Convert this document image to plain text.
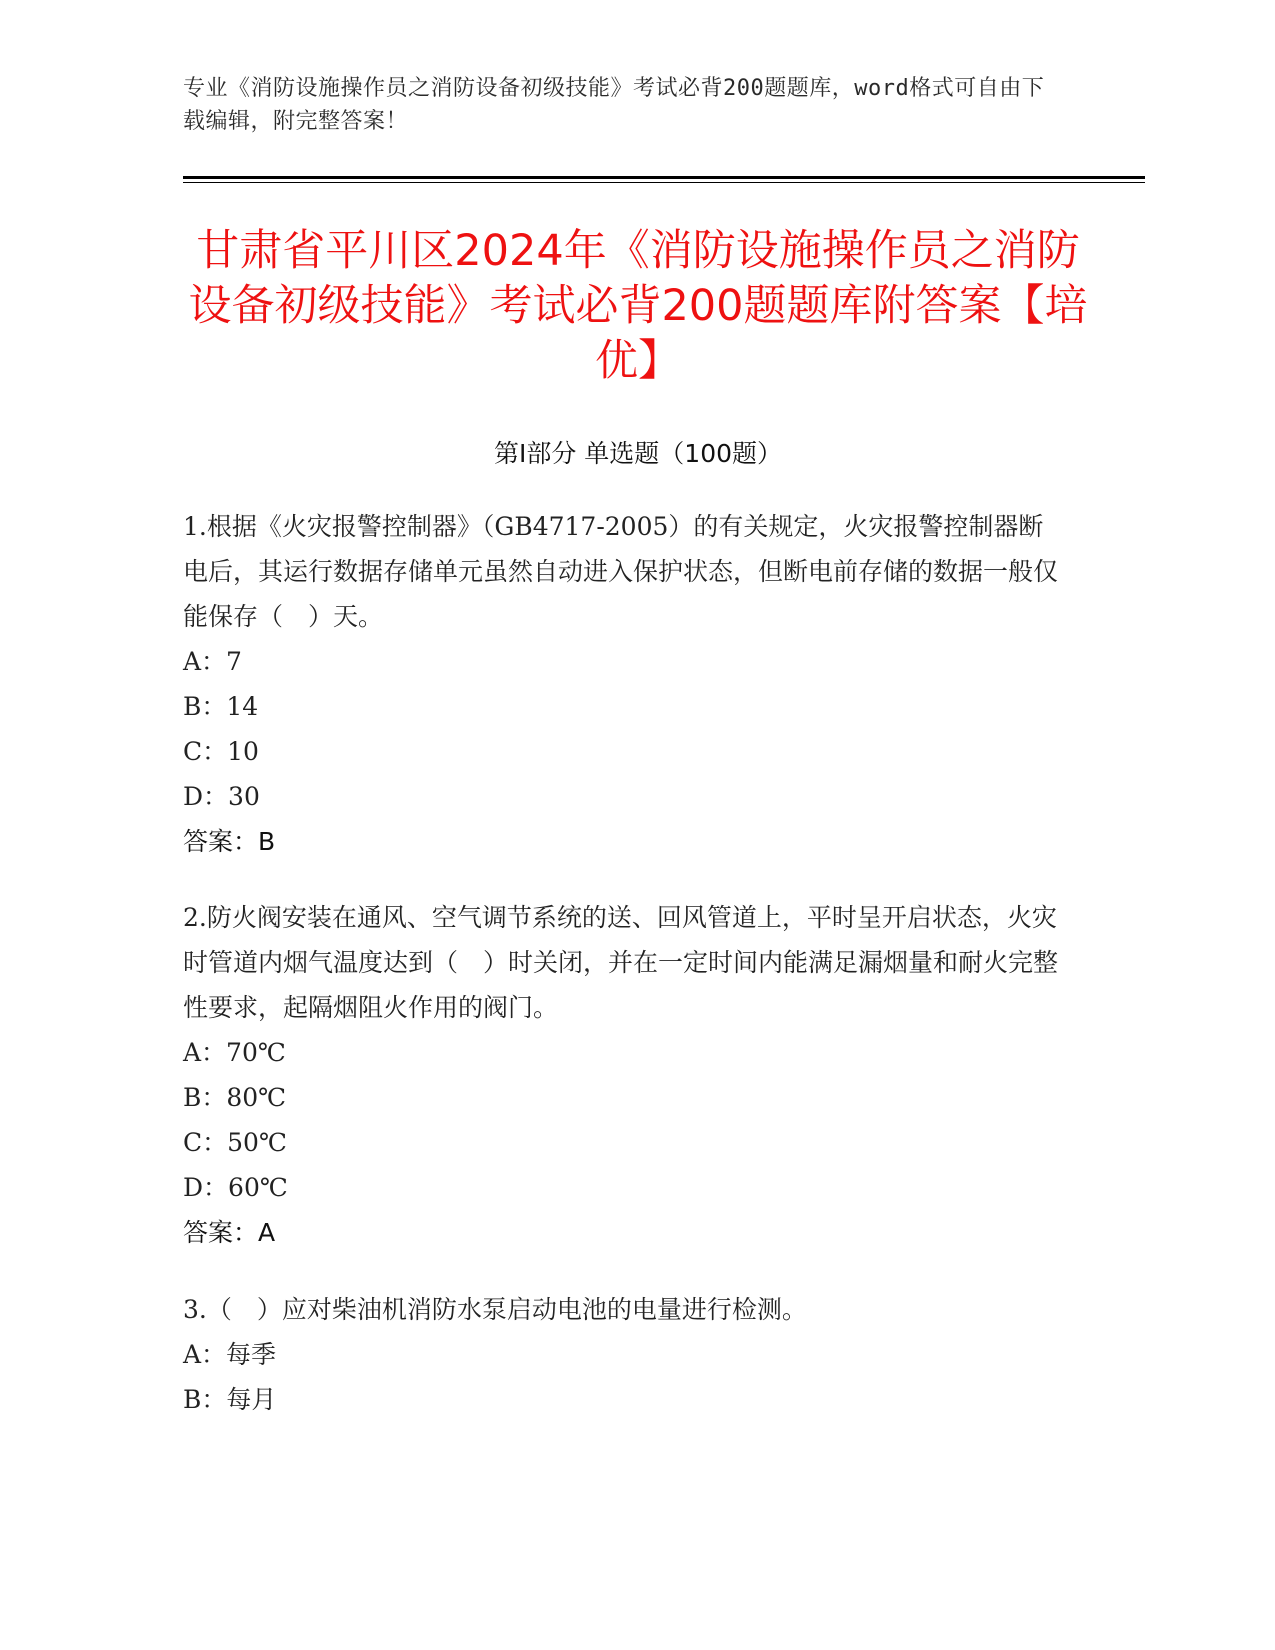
专业《消防设施操作员之消防设备初级技能》考试必背200题题库，word格式可自由下载编辑，附完整答案！
甘肃省平川区2024年《消防设施操作员之消防设备初级技能》考试必背200题题库附答案【培优】
第I部分 单选题（100题）

1.根据《火灾报警控制器》（GB4717-2005）的有关规定，火灾报警控制器断电后，其运行数据存储单元虽然自动进入保护状态，但断电前存储的数据一般仅能保存（　）天。

A：7

B：14

C：10

D：30

答案：B

2.防火阀安装在通风、空气调节系统的送、回风管道上，平时呈开启状态，火灾时管道内烟气温度达到（　）时关闭，并在一定时间内能满足漏烟量和耐火完整性要求，起隔烟阻火作用的阀门。

A：70℃

B：80℃

C：50℃

D：60℃

答案：A

3.（　）应对柴油机消防水泵启动电池的电量进行检测。

A：每季

B：每月
